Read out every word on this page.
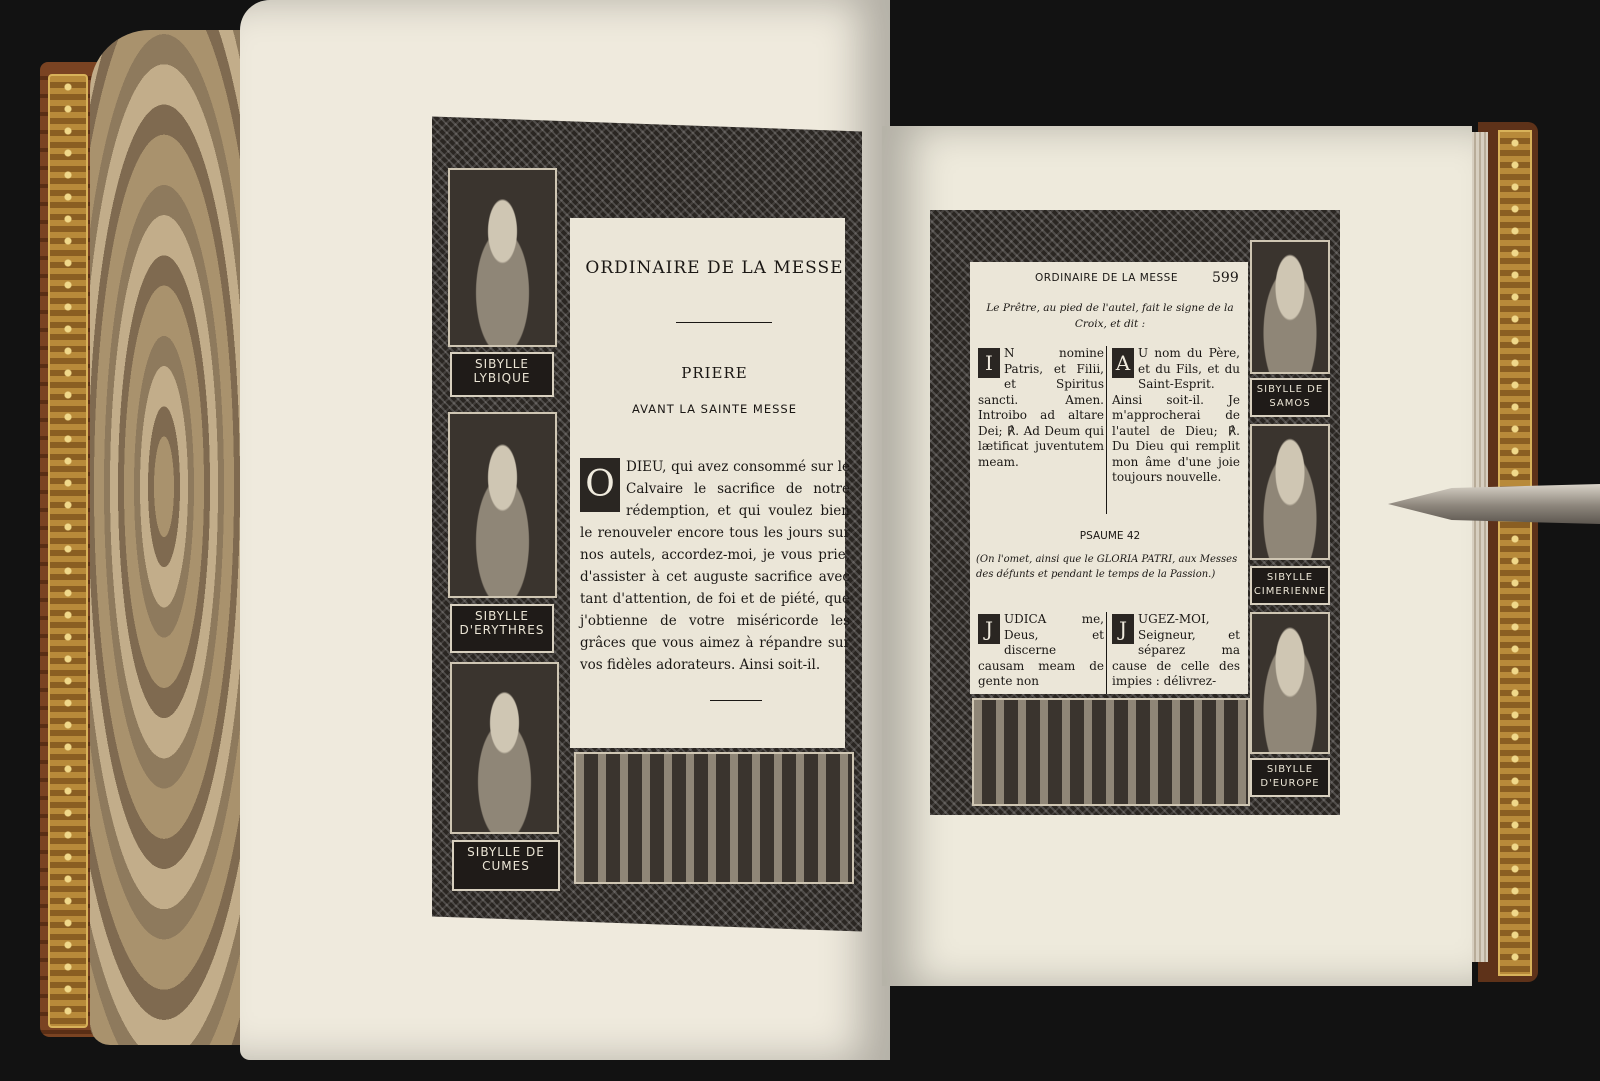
SIBYLLE LYBIQUE
SIBYLLE D'ERYTHRES
SIBYLLE DE CUMES
ORDINAIRE DE LA MESSE
PRIERE
AVANT LA SAINTE MESSE
O DIEU, qui avez consommé sur le Calvaire le sacrifice de notre rédemption, et qui voulez bien le renouveler encore tous les jours sur nos autels, accordez-moi, je vous prie, d'assister à cet auguste sacrifice avec tant d'attention, de foi et de piété, que j'obtienne de votre miséricorde les grâces que vous aimez à répandre sur vos fidèles adorateurs. Ainsi soit-il.
SIBYLLE DE SAMOS
SIBYLLE CIMERIENNE
SIBYLLE D'EUROPE
ORDINAIRE DE LA MESSE	599
Le Prêtre, au pied de l'autel, fait le signe de la Croix, et dit :
I N nomine Patris, et Filii, et Spiritus sancti. Amen. Introibo ad altare Dei; ℟. Ad Deum qui lætificat juventutem meam.
A U nom du Père, et du Fils, et du Saint-Esprit. Ainsi soit-il. Je m'approcherai de l'autel de Dieu; ℟. Du Dieu qui remplit mon âme d'une joie toujours nouvelle.
PSAUME 42
(On l'omet, ainsi que le GLORIA PATRI, aux Messes des défunts et pendant le temps de la Passion.)
J UDICA me, Deus, et discerne causam meam de gente non
J UGEZ-MOI, Seigneur, et séparez ma cause de celle des impies : délivrez-
